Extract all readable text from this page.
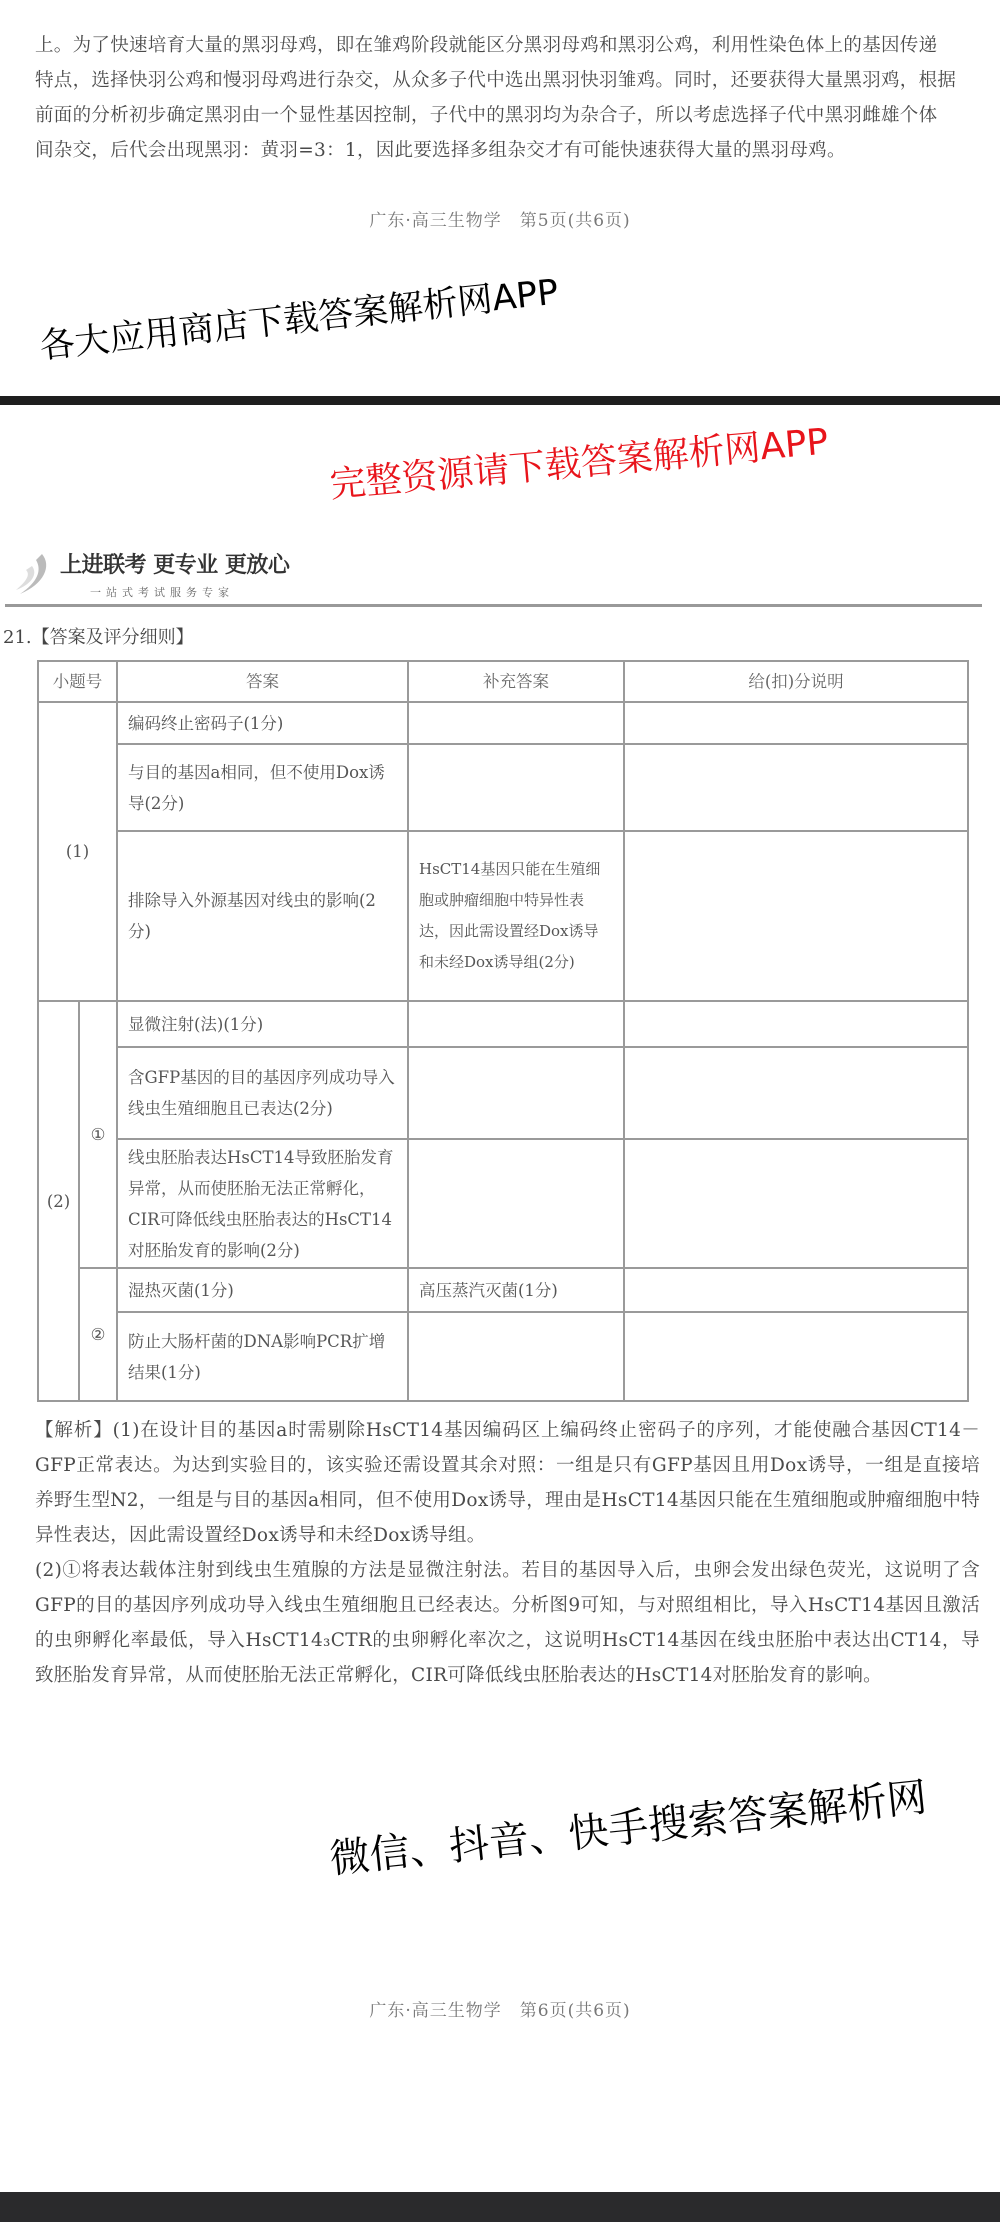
上。为了快速培育大量的黑羽母鸡，即在雏鸡阶段就能区分黑羽母鸡和黑羽公鸡，利用性染色体上的基因传递
特点，选择快羽公鸡和慢羽母鸡进行杂交，从众多子代中选出黑羽快羽雏鸡。同时，还要获得大量黑羽鸡，根据
前面的分析初步确定黑羽由一个显性基因控制，子代中的黑羽均为杂合子，所以考虑选择子代中黑羽雌雄个体
间杂交，后代会出现黑羽：黄羽=3：1，因此要选择多组杂交才有可能快速获得大量的黑羽母鸡。
广东·高三生物学　第5页(共6页)
上进联考 更专业 更放心
一站式考试服务专家
21.【答案及评分细则】
小题号		答案	补充答案	给(扣)分说明
(1)		编码终止密码子(1分)		
		与目的基因a相同，但不使用Dox诱导(2分)		
		排除导入外源基因对线虫的影响(2分)	HsCT14基因只能在生殖细胞或肿瘤细胞中特异性表达，因此需设置经Dox诱导和未经Dox诱导组(2分)	
(2)	①	显微注射(法)(1分)		
		含GFP基因的目的基因序列成功导入线虫生殖细胞且已表达(2分)		
		线虫胚胎表达HsCT14导致胚胎发育异常，从而使胚胎无法正常孵化，CIR可降低线虫胚胎表达的HsCT14对胚胎发育的影响(2分)		
	②	湿热灭菌(1分)	高压蒸汽灭菌(1分)	
		防止大肠杆菌的DNA影响PCR扩增结果(1分)		
【解析】(1)在设计目的基因a时需剔除HsCT14基因编码区上编码终止密码子的序列，才能使融合基因CT14－GFP正常表达。为达到实验目的，该实验还需设置其余对照：一组是只有GFP基因且用Dox诱导，一组是直接培养野生型N2，一组是与目的基因a相同，但不使用Dox诱导，理由是HsCT14基因只能在生殖细胞或肿瘤细胞中特异性表达，因此需设置经Dox诱导和未经Dox诱导组。
(2)①将表达载体注射到线虫生殖腺的方法是显微注射法。若目的基因导入后，虫卵会发出绿色荧光，这说明了含GFP的目的基因序列成功导入线虫生殖细胞且已经表达。分析图9可知，与对照组相比，导入HsCT14基因且激活的虫卵孵化率最低，导入HsCT14₃CTR的虫卵孵化率次之，这说明HsCT14基因在线虫胚胎中表达出CT14，导致胚胎发育异常，从而使胚胎无法正常孵化，CIR可降低线虫胚胎表达的HsCT14对胚胎发育的影响。
广东·高三生物学　第6页(共6页)
各大应用商店下载答案解析网APP
完整资源请下载答案解析网APP
微信、抖音、快手搜索答案解析网
